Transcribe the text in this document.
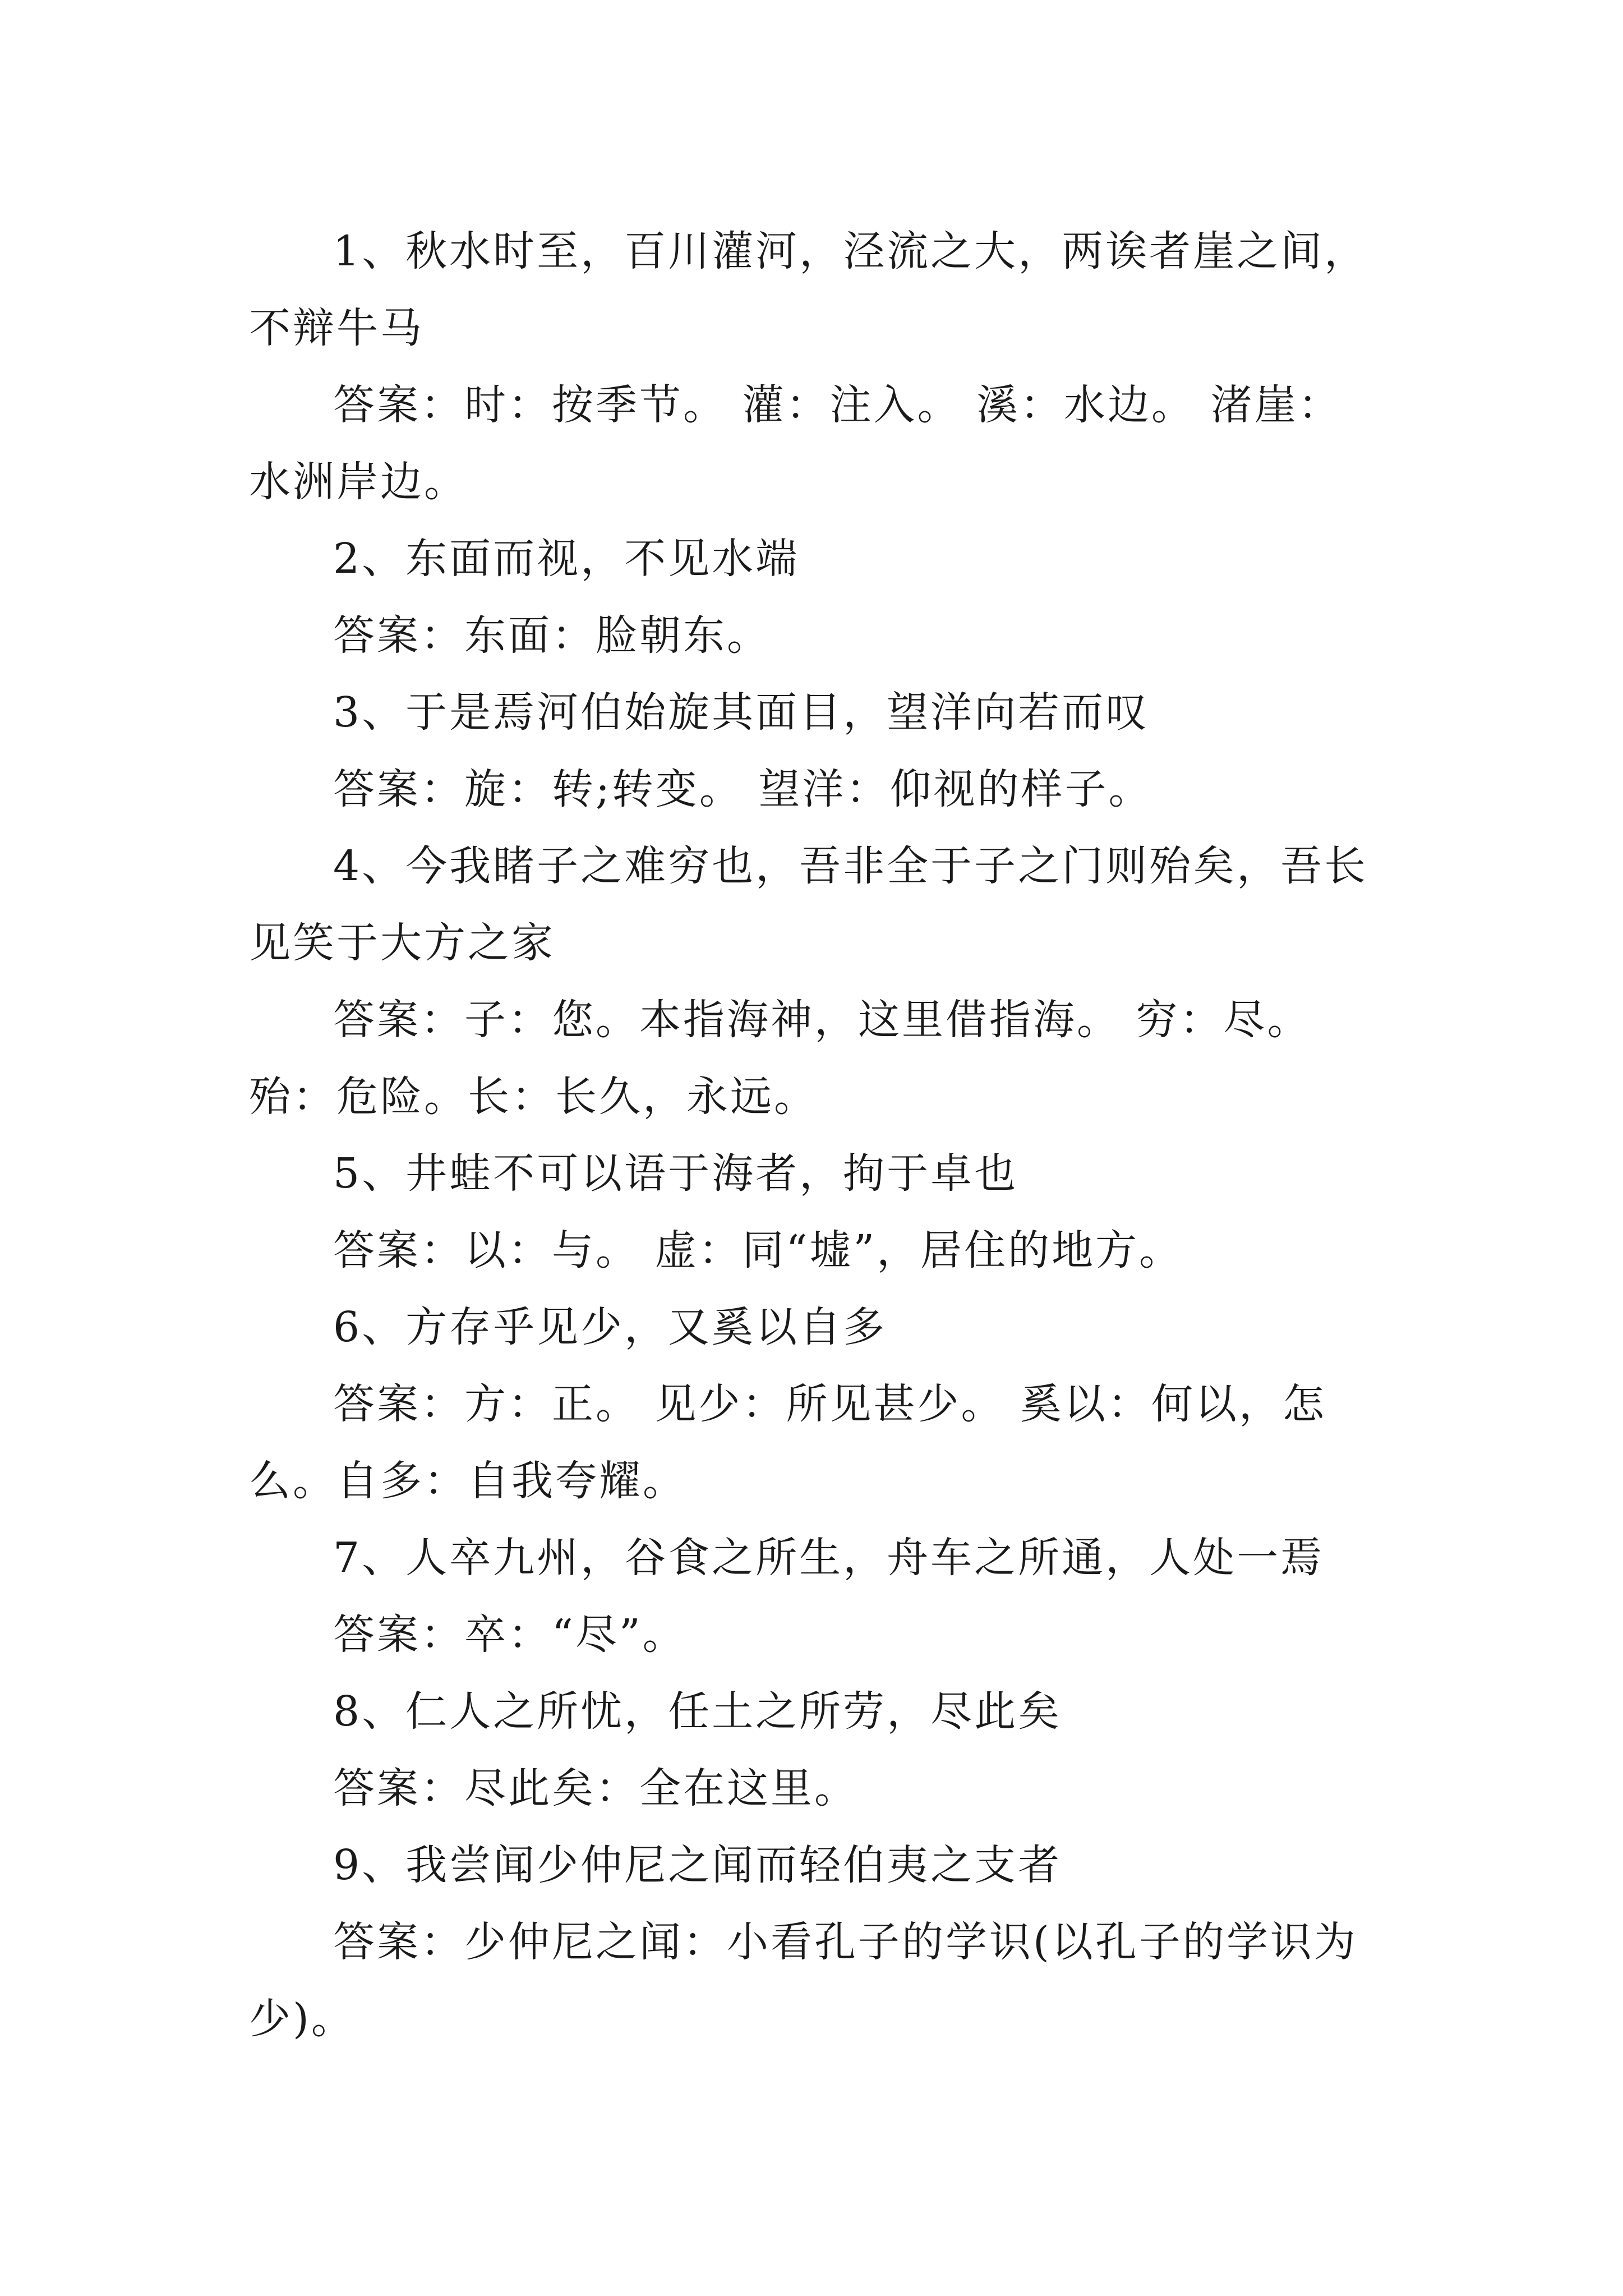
1、秋水时至，百川灌河，泾流之大，两诶者崖之间，不辩牛马

答案：时：按季节。 灌：注入。 溪：水边。 渚崖：水洲岸边。

2、东面而视，不见水端

答案：东面：脸朝东。

3、于是焉河伯始旋其面目，望洋向若而叹

答案：旋：转;转变。 望洋：仰视的样子。

4、今我睹子之难穷也，吾非全于子之门则殆矣，吾长见笑于大方之家

答案：子：您。本指海神，这里借指海。 穷：尽。 殆：危险。长：长久，永远。

5、井蛙不可以语于海者，拘于卓也

答案：以：与。 虚：同“墟”，居住的地方。

6、方存乎见少，又奚以自多

答案：方：正。 见少：所见甚少。 奚以：何以，怎么。自多：自我夸耀。

7、人卒九州，谷食之所生，舟车之所通，人处一焉

答案：卒：“尽”。

8、仁人之所忧，任土之所劳，尽此矣

答案：尽此矣：全在这里。

9、我尝闻少仲尼之闻而轻伯夷之支者

答案：少仲尼之闻：小看孔子的学识(以孔子的学识为少)。
